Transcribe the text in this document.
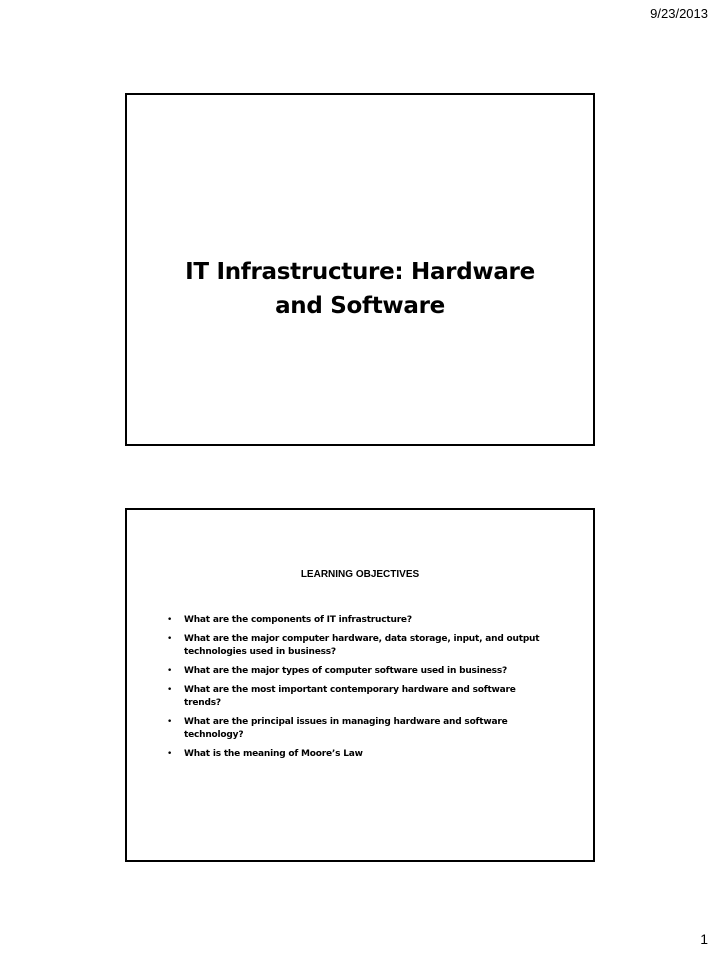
9/23/2013
IT Infrastructure: Hardware
and Software
LEARNING OBJECTIVES
• What are the components of IT infrastructure?
• What are the major computer hardware, data storage, input, and output technologies used in business?
• What are the major types of computer software used in business?
• What are the most important contemporary hardware and software trends?
• What are the principal issues in managing hardware and software technology?
• What is the meaning of Moore’s Law
1
